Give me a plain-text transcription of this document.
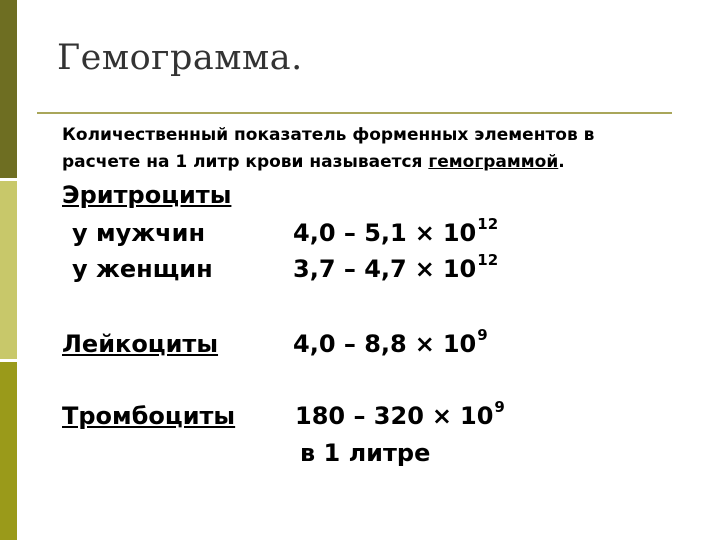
Гемограмма.
Количественный показатель форменных элементов в
расчете на 1 литр крови называется гемограммой.
Эритроциты
у мужчин	$4,0 - 5,1 \times 10^{12}$
у женщин	$3,7 - 4,7 \times 10^{12}$
Лейкоциты	$4,0 - 8,8 \times 10^9$
Тромбоциты $180 - 320 \times 10^9$
в 1 литре
